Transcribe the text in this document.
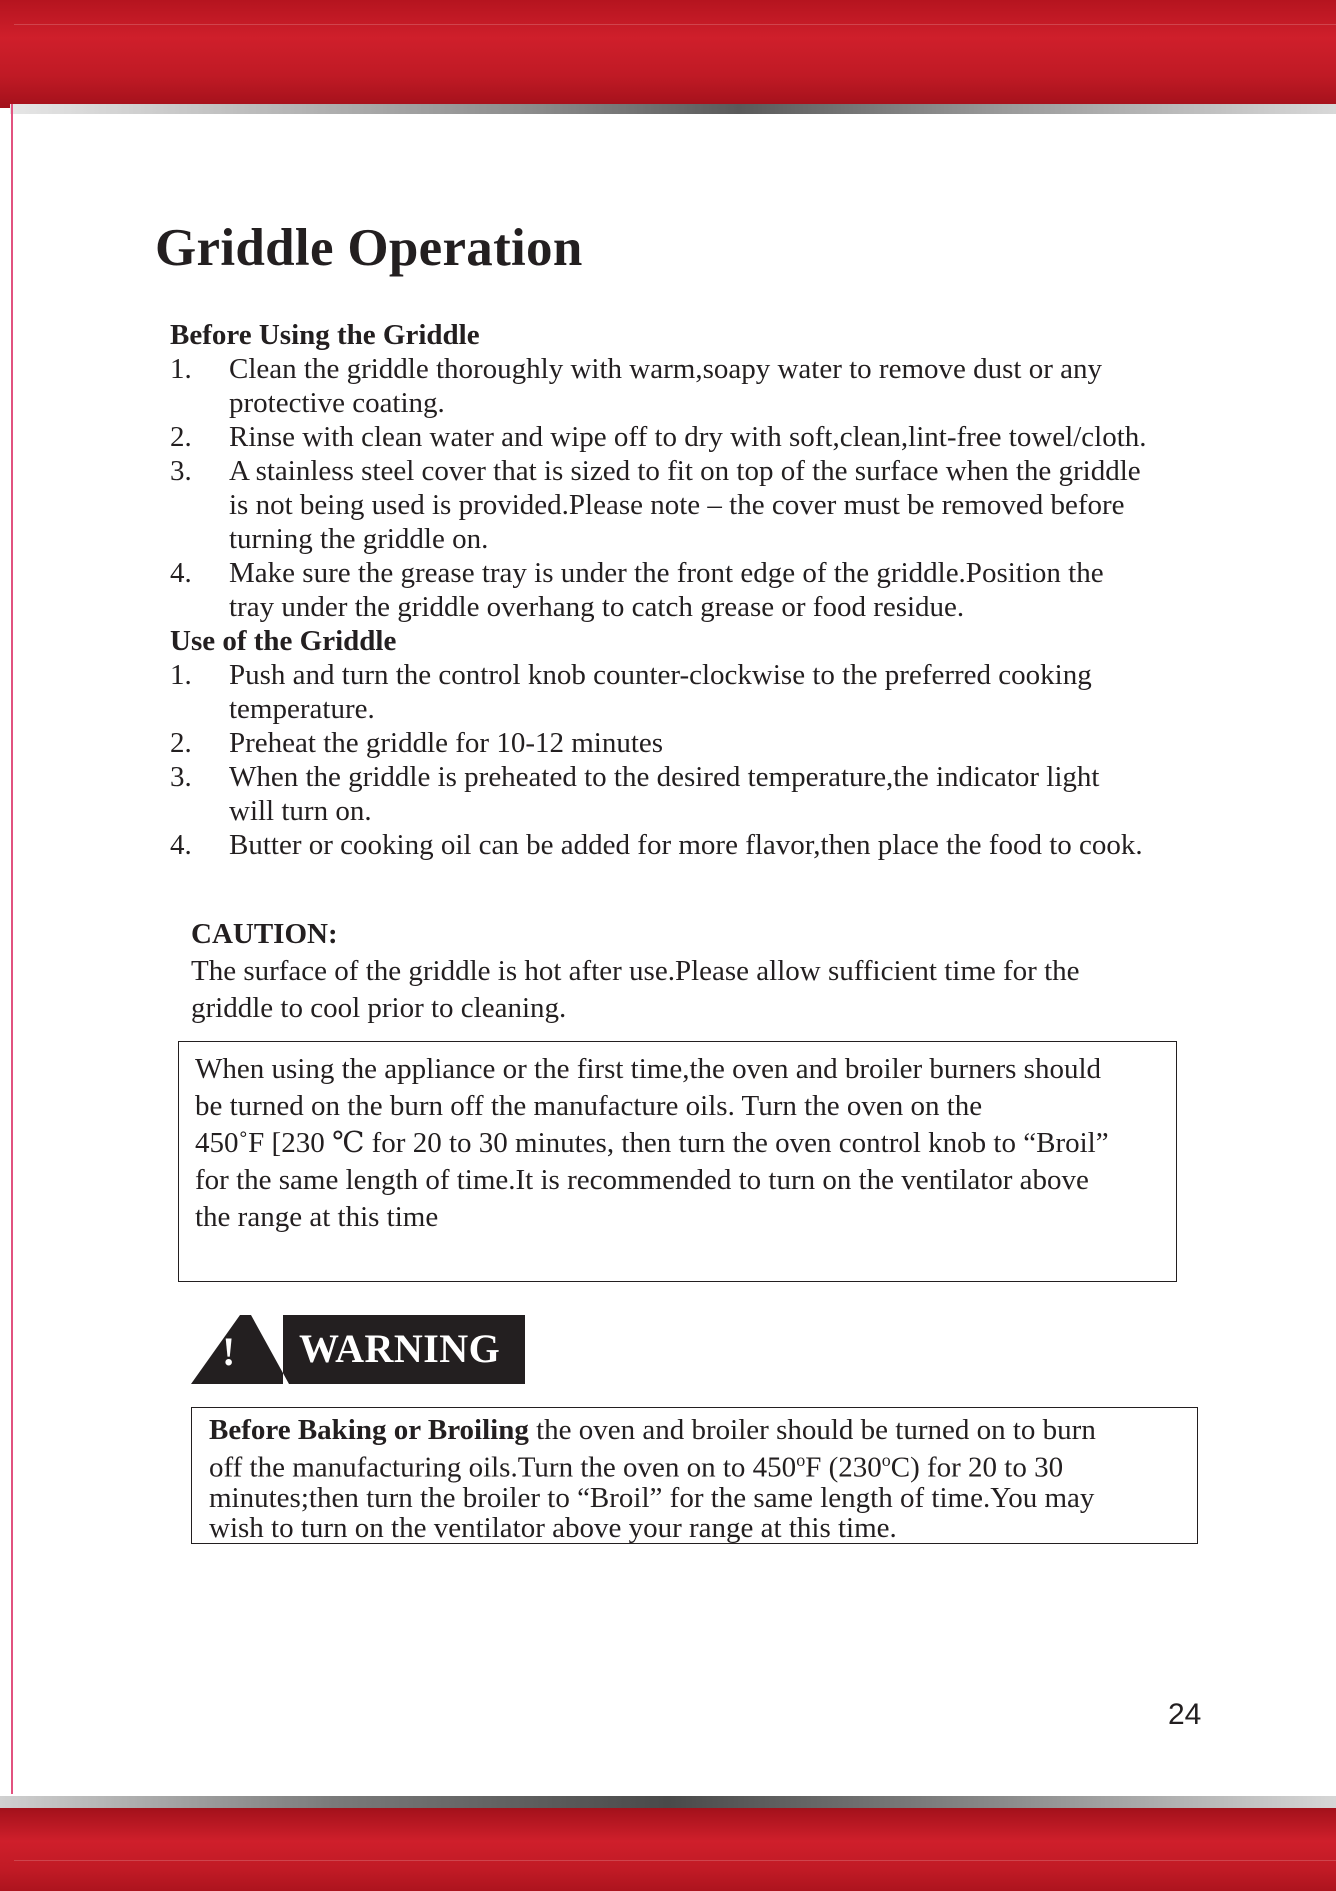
Griddle Operation
Before Using the Griddle
1. Clean the griddle thoroughly with warm,soapy water to remove dust or any
protective coating.
2. Rinse with clean water and wipe off to dry with soft,clean,lint-free towel/cloth.
3. A stainless steel cover that is sized to fit on top of the surface when the griddle
is not being used is provided.Please note – the cover must be removed before
turning the griddle on.
4. Make sure the grease tray is under the front edge of the griddle.Position the
tray under the griddle overhang to catch grease or food residue.
Use of the Griddle
1. Push and turn the control knob counter-clockwise to the preferred cooking
temperature.
2. Preheat the griddle for 10-12 minutes
3. When the griddle is preheated to the desired temperature,the indicator light
will turn on.
4. Butter or cooking oil can be added for more flavor,then place the food to cook.
CAUTION:
The surface of the griddle is hot after use.Please allow sufficient time for the
griddle to cool prior to cleaning.
When using the appliance or the first time,the oven and broiler burners should
be turned on the burn off the manufacture oils. Turn the oven on the
450˚F [230 ℃ for 20 to 30 minutes, then turn the oven control knob to “Broil”
for the same length of time.It is recommended to turn on the ventilator above
the range at this time
! WARNING
Before Baking or Broiling the oven and broiler should be turned on to burn
off the manufacturing oils.Turn the oven on to 450$^o$F (230$^o$C) for 20 to 30
minutes;then turn the broiler to “Broil” for the same length of time.You may
wish to turn on the ventilator above your range at this time.
24
